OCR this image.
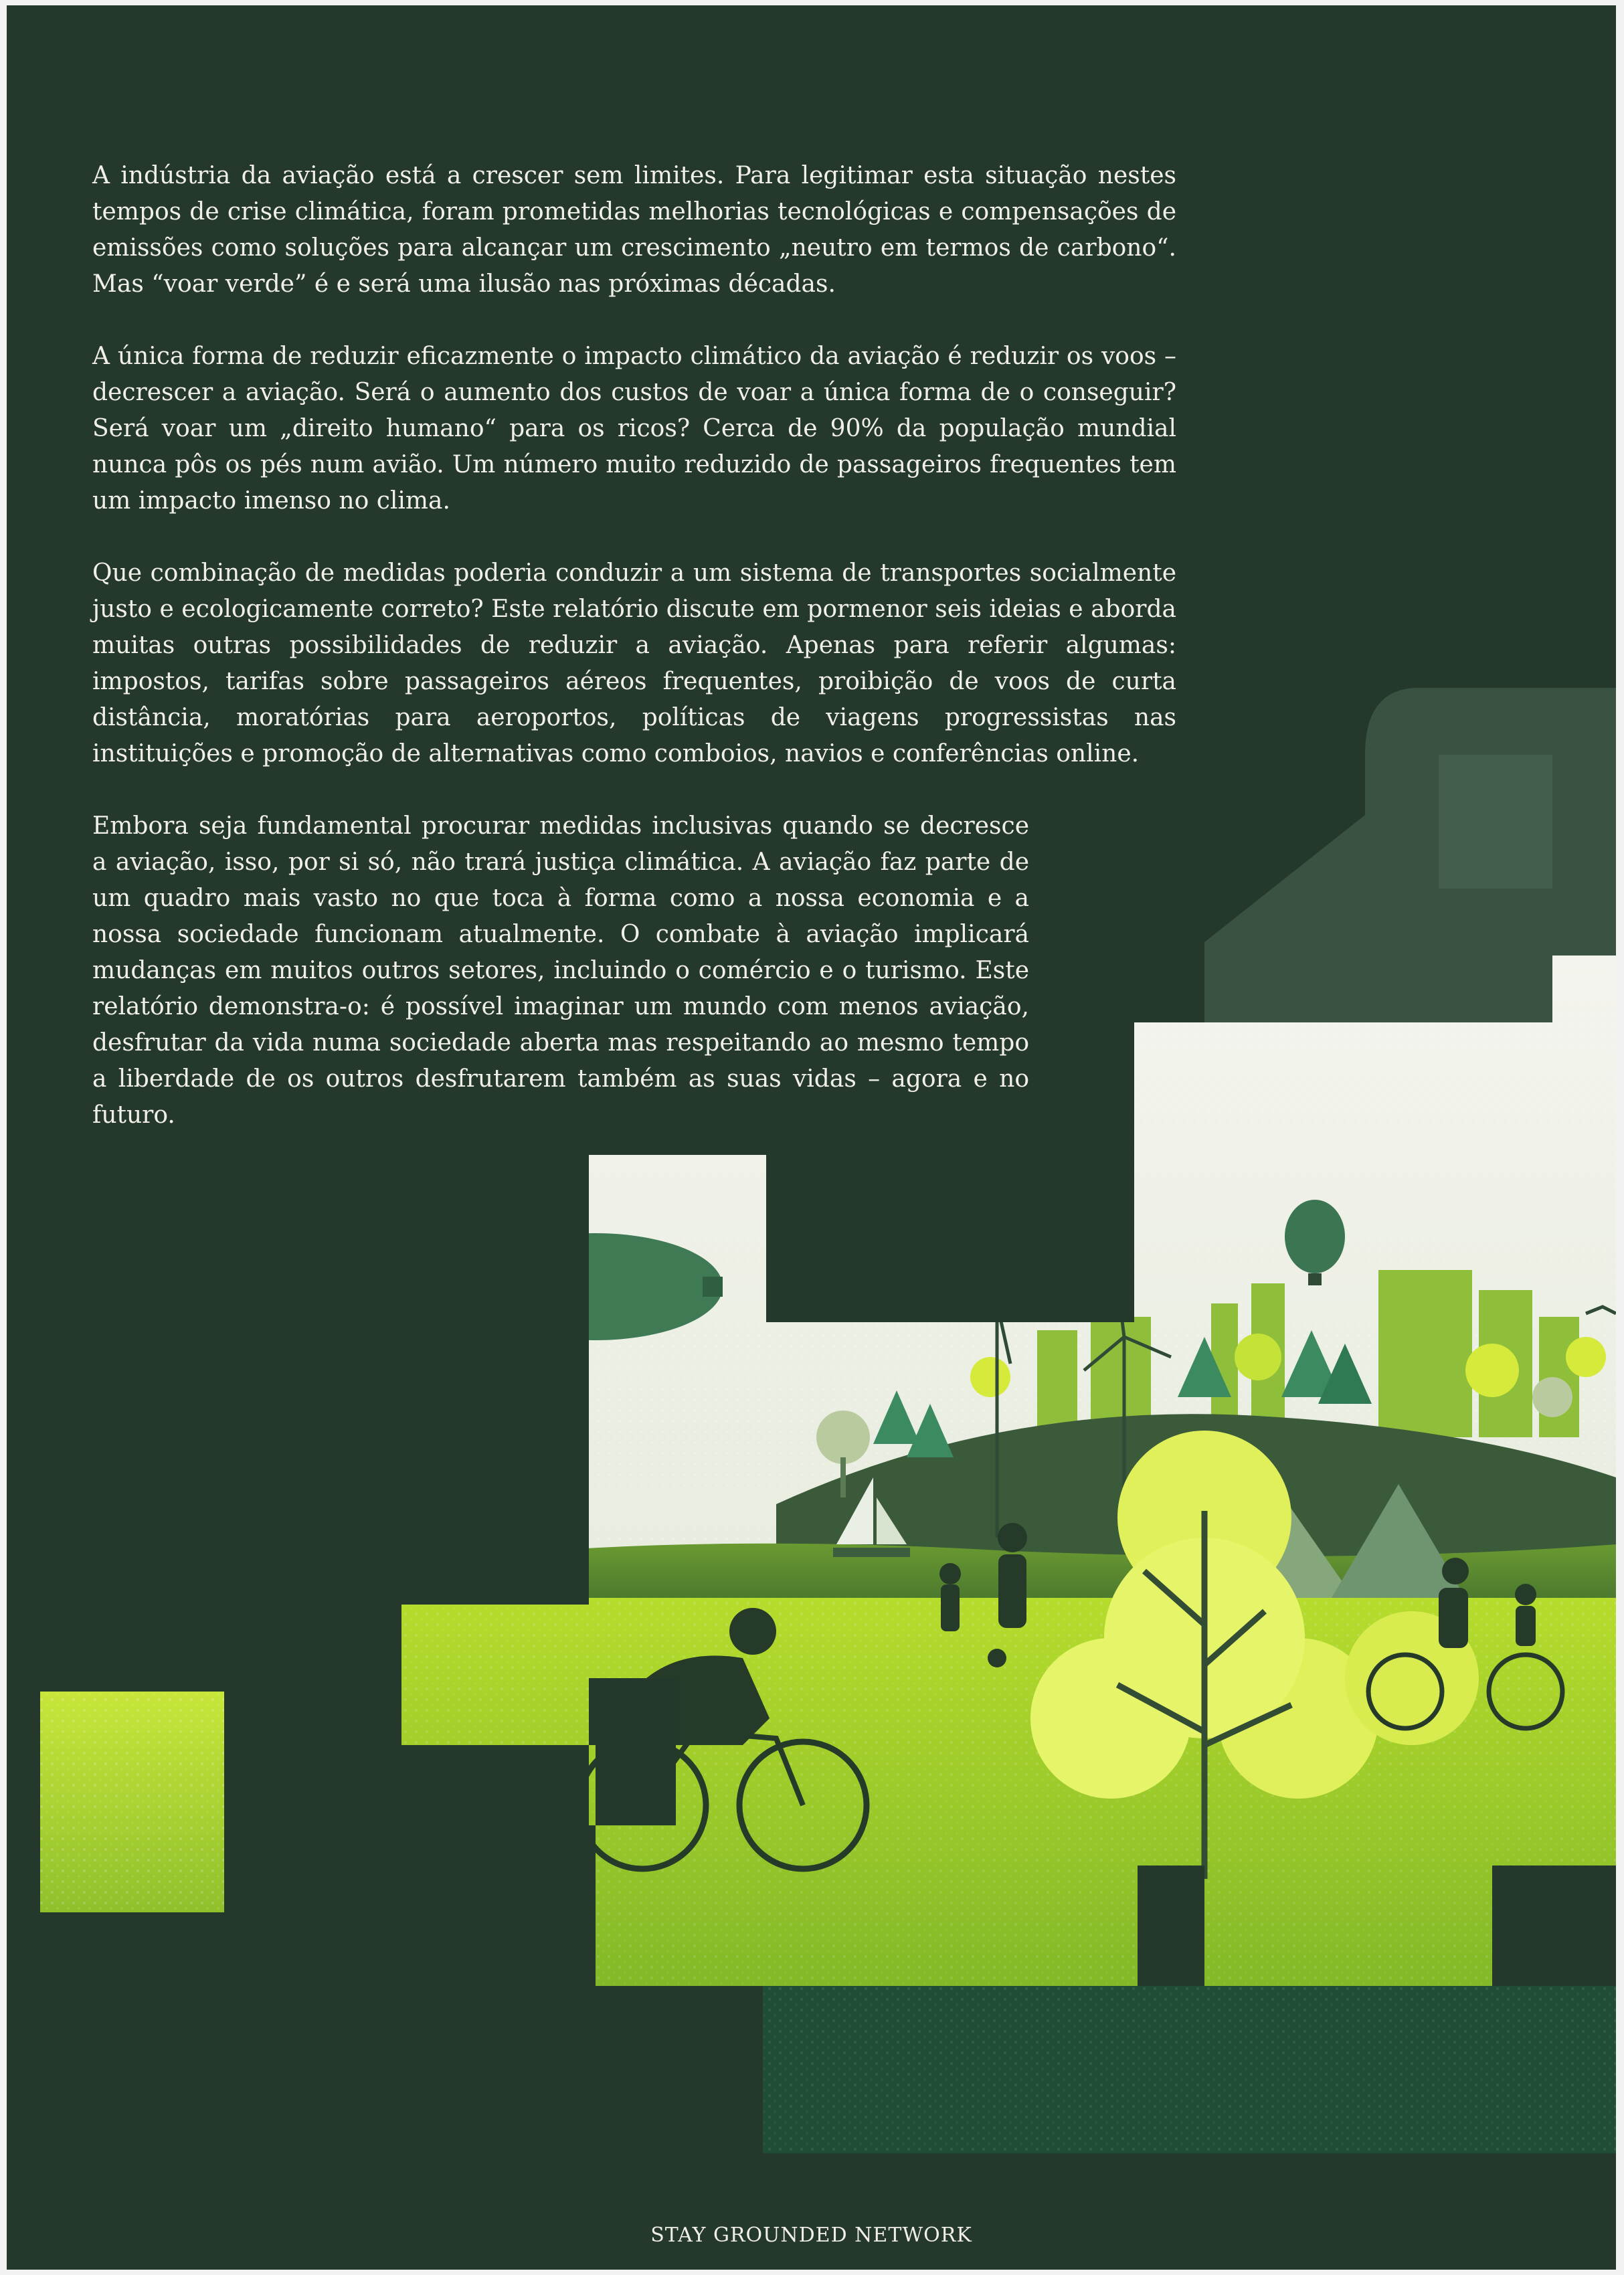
A indústria da aviação está a crescer sem limites. Para legitimar esta situação nestes tempos de crise climática, foram prometidas melhorias tecnológicas e compensações de emissões como soluções para alcançar um crescimento „neutro em termos de carbono“. Mas “voar verde” é e será uma ilusão nas próximas décadas.

A única forma de reduzir eficazmente o impacto climático da aviação é reduzir os voos – decrescer a aviação. Será o aumento dos custos de voar a única forma de o conseguir? Será voar um „direito humano“ para os ricos? Cerca de 90% da população mundial nunca pôs os pés num avião. Um número muito reduzido de passageiros frequentes tem um impacto imenso no clima.

Que combinação de medidas poderia conduzir a um sistema de transportes socialmente justo e ecologicamente correto? Este relatório discute em pormenor seis ideias e aborda muitas outras possibilidades de reduzir a aviação. Apenas para referir algumas: impostos, tarifas sobre passageiros aéreos frequentes, proibição de voos de curta distância, moratórias para aeroportos, políticas de viagens progressistas nas instituições e promoção de alternativas como comboios, navios e conferências online.

Embora seja fundamental procurar medidas inclusivas quando se decresce a aviação, isso, por si só, não trará justiça climática. A aviação faz parte de um quadro mais vasto no que toca à forma como a nossa economia e a nossa sociedade funcionam atualmente. O combate à aviação implicará mudanças em muitos outros setores, incluindo o comércio e o turismo. Este relatório demonstra-o: é possível imaginar um mundo com menos aviação, desfrutar da vida numa sociedade aberta mas respeitando ao mesmo tempo a liberdade de os outros desfrutarem também as suas vidas – agora e no futuro.

STAY GROUNDED NETWORK
